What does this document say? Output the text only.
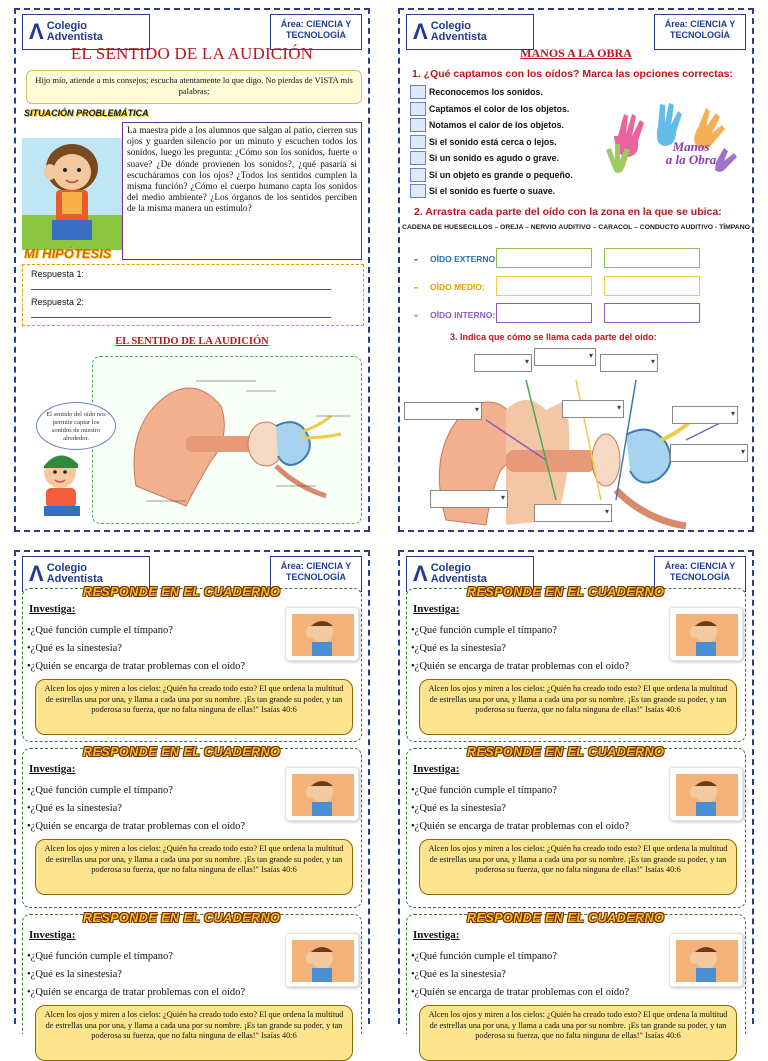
Λ Colegio
Adventista
Área: CIENCIA Y
TECNOLOGÍA
EL SENTIDO DE LA AUDICIÓN
Hijo mío, atiende a mis consejos; escucha atentamente lo que digo. No pierdas de VISTA mis palabras;
SITUACIÓN PROBLEMÁTICA
La maestra pide a los alumnos que salgan al patio, cierren sus ojos y guarden silencio por un minuto y escuchen todos los sonidos, luego les pregunta: ¿Cómo son los sonidos, fuerte o suave? ¿De dónde provienen los sonidos?, ¿qué pasaría si escucháramos con los ojos? ¿Todos los sentidos cumplen la misma función? ¿Cómo el cuerpo humano capta los sonidos del medio ambiente? ¿Los órganos de los sentidos perciben de la misma manera un estímulo?
MI HIPÓTESIS
Respuesta 1:
Respuesta 2:
EL SENTIDO DE LA AUDICIÓN
El sentido del oído nos permite captar los sonidos de nuestro alrededor.
Λ Colegio
Adventista
Área: CIENCIA Y
TECNOLOGÍA
MANOS A LA OBRA
1. ¿Qué captamos con los oídos? Marca las opciones correctas:
Reconocemos los sonidos.
Captamos el color de los objetos.
Notamos el calor de los objetos.
Si el sonido está cerca o lejos.
Si un sonido es agudo o grave.
Si un objeto es grande o pequeño.
Si el sonido es fuerte o suave.
Manos
a la Obra
2. Arrastra cada parte del oído con la zona en la que se ubica:
CADENA DE HUESECILLOS – OREJA – NERVIO AUDITIVO – CARACOL – CONDUCTO AUDITIVO - TÍMPANO
-	OÍDO EXTERNO:
-	OÍDO MEDIO:
-	OÍDO INTERNO:
3. Indica que cómo se llama cada parte del oído:
▾
▾
▾
▾
▾
▾
▾
▾
▾
Λ Colegio
Adventista
Área: CIENCIA Y
TECNOLOGÍA
RESPONDE EN EL CUADERNO
Investiga:
•¿Qué función cumple el tímpano?
•¿Qué es la sinestesia?
•¿Quién se encarga de tratar problemas con el oído?
Alcen los ojos y miren a los cielos: ¿Quién ha creado todo esto? El que ordena la multitud de estrellas una por una, y llama a cada una por su nombre. ¡Es tan grande su poder, y tan poderosa su fuerza, que no falta ninguna de ellas!" Isaías 40:6
RESPONDE EN EL CUADERNO
Investiga:
•¿Qué función cumple el tímpano?
•¿Qué es la sinestesia?
•¿Quién se encarga de tratar problemas con el oído?
Alcen los ojos y miren a los cielos: ¿Quién ha creado todo esto? El que ordena la multitud de estrellas una por una, y llama a cada una por su nombre. ¡Es tan grande su poder, y tan poderosa su fuerza, que no falta ninguna de ellas!" Isaías 40:6
RESPONDE EN EL CUADERNO
Investiga:
•¿Qué función cumple el tímpano?
•¿Qué es la sinestesia?
•¿Quién se encarga de tratar problemas con el oído?
Alcen los ojos y miren a los cielos: ¿Quién ha creado todo esto? El que ordena la multitud de estrellas una por una, y llama a cada una por su nombre. ¡Es tan grande su poder, y tan poderosa su fuerza, que no falta ninguna de ellas!" Isaías 40:6
Λ Colegio
Adventista
Área: CIENCIA Y
TECNOLOGÍA
RESPONDE EN EL CUADERNO
Investiga:
•¿Qué función cumple el tímpano?
•¿Qué es la sinestesia?
•¿Quién se encarga de tratar problemas con el oído?
Alcen los ojos y miren a los cielos: ¿Quién ha creado todo esto? El que ordena la multitud de estrellas una por una, y llama a cada una por su nombre. ¡Es tan grande su poder, y tan poderosa su fuerza, que no falta ninguna de ellas!" Isaías 40:6
RESPONDE EN EL CUADERNO
Investiga:
•¿Qué función cumple el tímpano?
•¿Qué es la sinestesia?
•¿Quién se encarga de tratar problemas con el oído?
Alcen los ojos y miren a los cielos: ¿Quién ha creado todo esto? El que ordena la multitud de estrellas una por una, y llama a cada una por su nombre. ¡Es tan grande su poder, y tan poderosa su fuerza, que no falta ninguna de ellas!" Isaías 40:6
RESPONDE EN EL CUADERNO
Investiga:
•¿Qué función cumple el tímpano?
•¿Qué es la sinestesia?
•¿Quién se encarga de tratar problemas con el oído?
Alcen los ojos y miren a los cielos: ¿Quién ha creado todo esto? El que ordena la multitud de estrellas una por una, y llama a cada una por su nombre. ¡Es tan grande su poder, y tan poderosa su fuerza, que no falta ninguna de ellas!" Isaías 40:6
